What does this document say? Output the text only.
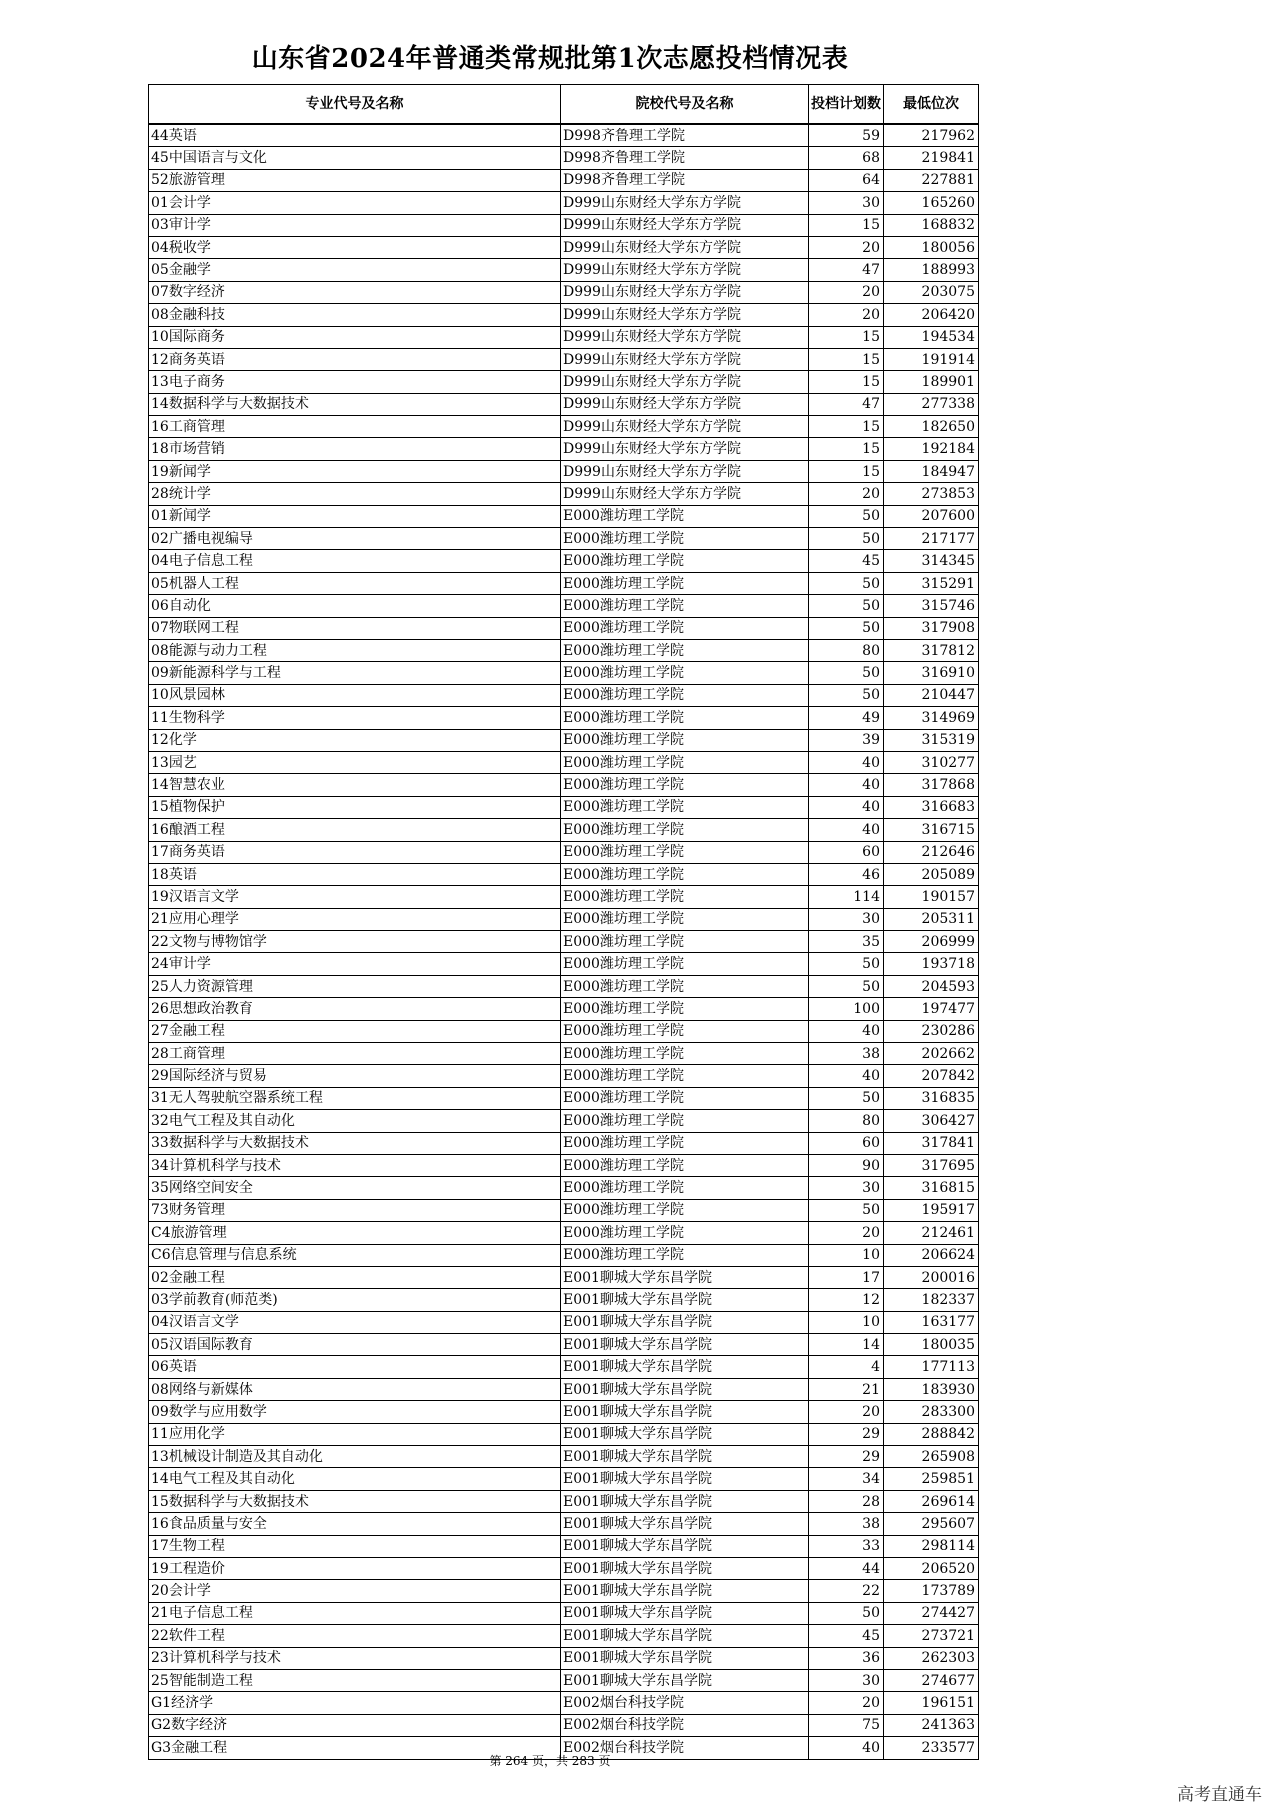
山东省2024年普通类常规批第1次志愿投档情况表
专业代号及名称	院校代号及名称	投档计划数	最低位次
44英语	D998齐鲁理工学院	59	217962
45中国语言与文化	D998齐鲁理工学院	68	219841
52旅游管理	D998齐鲁理工学院	64	227881
01会计学	D999山东财经大学东方学院	30	165260
03审计学	D999山东财经大学东方学院	15	168832
04税收学	D999山东财经大学东方学院	20	180056
05金融学	D999山东财经大学东方学院	47	188993
07数字经济	D999山东财经大学东方学院	20	203075
08金融科技	D999山东财经大学东方学院	20	206420
10国际商务	D999山东财经大学东方学院	15	194534
12商务英语	D999山东财经大学东方学院	15	191914
13电子商务	D999山东财经大学东方学院	15	189901
14数据科学与大数据技术	D999山东财经大学东方学院	47	277338
16工商管理	D999山东财经大学东方学院	15	182650
18市场营销	D999山东财经大学东方学院	15	192184
19新闻学	D999山东财经大学东方学院	15	184947
28统计学	D999山东财经大学东方学院	20	273853
01新闻学	E000潍坊理工学院	50	207600
02广播电视编导	E000潍坊理工学院	50	217177
04电子信息工程	E000潍坊理工学院	45	314345
05机器人工程	E000潍坊理工学院	50	315291
06自动化	E000潍坊理工学院	50	315746
07物联网工程	E000潍坊理工学院	50	317908
08能源与动力工程	E000潍坊理工学院	80	317812
09新能源科学与工程	E000潍坊理工学院	50	316910
10风景园林	E000潍坊理工学院	50	210447
11生物科学	E000潍坊理工学院	49	314969
12化学	E000潍坊理工学院	39	315319
13园艺	E000潍坊理工学院	40	310277
14智慧农业	E000潍坊理工学院	40	317868
15植物保护	E000潍坊理工学院	40	316683
16酿酒工程	E000潍坊理工学院	40	316715
17商务英语	E000潍坊理工学院	60	212646
18英语	E000潍坊理工学院	46	205089
19汉语言文学	E000潍坊理工学院	114	190157
21应用心理学	E000潍坊理工学院	30	205311
22文物与博物馆学	E000潍坊理工学院	35	206999
24审计学	E000潍坊理工学院	50	193718
25人力资源管理	E000潍坊理工学院	50	204593
26思想政治教育	E000潍坊理工学院	100	197477
27金融工程	E000潍坊理工学院	40	230286
28工商管理	E000潍坊理工学院	38	202662
29国际经济与贸易	E000潍坊理工学院	40	207842
31无人驾驶航空器系统工程	E000潍坊理工学院	50	316835
32电气工程及其自动化	E000潍坊理工学院	80	306427
33数据科学与大数据技术	E000潍坊理工学院	60	317841
34计算机科学与技术	E000潍坊理工学院	90	317695
35网络空间安全	E000潍坊理工学院	30	316815
73财务管理	E000潍坊理工学院	50	195917
C4旅游管理	E000潍坊理工学院	20	212461
C6信息管理与信息系统	E000潍坊理工学院	10	206624
02金融工程	E001聊城大学东昌学院	17	200016
03学前教育(师范类)	E001聊城大学东昌学院	12	182337
04汉语言文学	E001聊城大学东昌学院	10	163177
05汉语国际教育	E001聊城大学东昌学院	14	180035
06英语	E001聊城大学东昌学院	4	177113
08网络与新媒体	E001聊城大学东昌学院	21	183930
09数学与应用数学	E001聊城大学东昌学院	20	283300
11应用化学	E001聊城大学东昌学院	29	288842
13机械设计制造及其自动化	E001聊城大学东昌学院	29	265908
14电气工程及其自动化	E001聊城大学东昌学院	34	259851
15数据科学与大数据技术	E001聊城大学东昌学院	28	269614
16食品质量与安全	E001聊城大学东昌学院	38	295607
17生物工程	E001聊城大学东昌学院	33	298114
19工程造价	E001聊城大学东昌学院	44	206520
20会计学	E001聊城大学东昌学院	22	173789
21电子信息工程	E001聊城大学东昌学院	50	274427
22软件工程	E001聊城大学东昌学院	45	273721
23计算机科学与技术	E001聊城大学东昌学院	36	262303
25智能制造工程	E001聊城大学东昌学院	30	274677
G1经济学	E002烟台科技学院	20	196151
G2数字经济	E002烟台科技学院	75	241363
G3金融工程	E002烟台科技学院	40	233577
第 264 页，共 283 页
高考直通车
